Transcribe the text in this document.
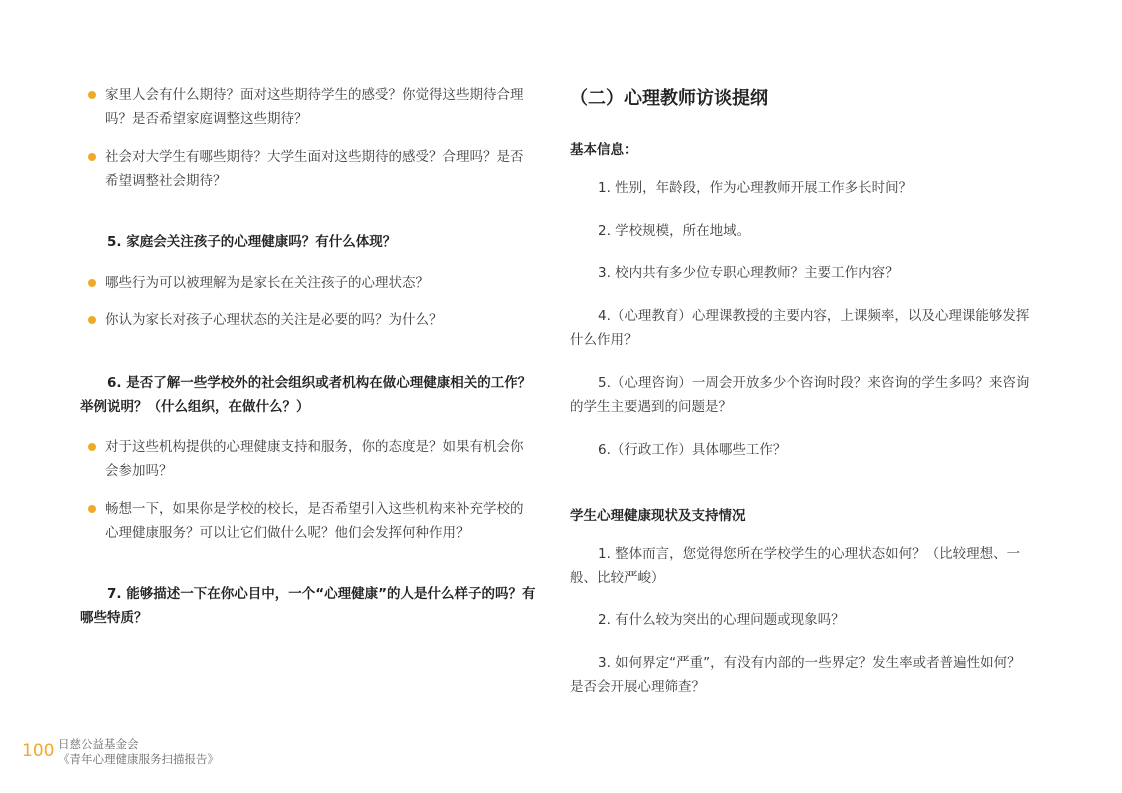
家里人会有什么期待？面对这些期待学生的感受？你觉得这些期待合理吗？是否希望家庭调整这些期待？
社会对大学生有哪些期待？大学生面对这些期待的感受？合理吗？是否希望调整社会期待？
5. 家庭会关注孩子的心理健康吗？有什么体现？
哪些行为可以被理解为是家长在关注孩子的心理状态？
你认为家长对孩子心理状态的关注是必要的吗？为什么？
6. 是否了解一些学校外的社会组织或者机构在做心理健康相关的工作？举例说明？（什么组织，在做什么？）
对于这些机构提供的心理健康支持和服务，你的态度是？如果有机会你会参加吗？
畅想一下，如果你是学校的校长，是否希望引入这些机构来补充学校的心理健康服务？可以让它们做什么呢？他们会发挥何种作用？
7. 能够描述一下在你心目中，一个“心理健康”的人是什么样子的吗？有哪些特质？
（二）心理教师访谈提纲
基本信息：
1. 性别，年龄段，作为心理教师开展工作多长时间？
2. 学校规模，所在地域。
3. 校内共有多少位专职心理教师？主要工作内容？
4.（心理教育）心理课教授的主要内容，上课频率，以及心理课能够发挥什么作用？
5.（心理咨询）一周会开放多少个咨询时段？来咨询的学生多吗？来咨询的学生主要遇到的问题是？
6.（行政工作）具体哪些工作？
学生心理健康现状及支持情况
1. 整体而言，您觉得您所在学校学生的心理状态如何？（比较理想、一般、比较严峻）
2. 有什么较为突出的心理问题或现象吗？
3. 如何界定“严重”，有没有内部的一些界定？发生率或者普遍性如何？是否会开展心理筛查？
100 日慈公益基金会
《青年心理健康服务扫描报告》
